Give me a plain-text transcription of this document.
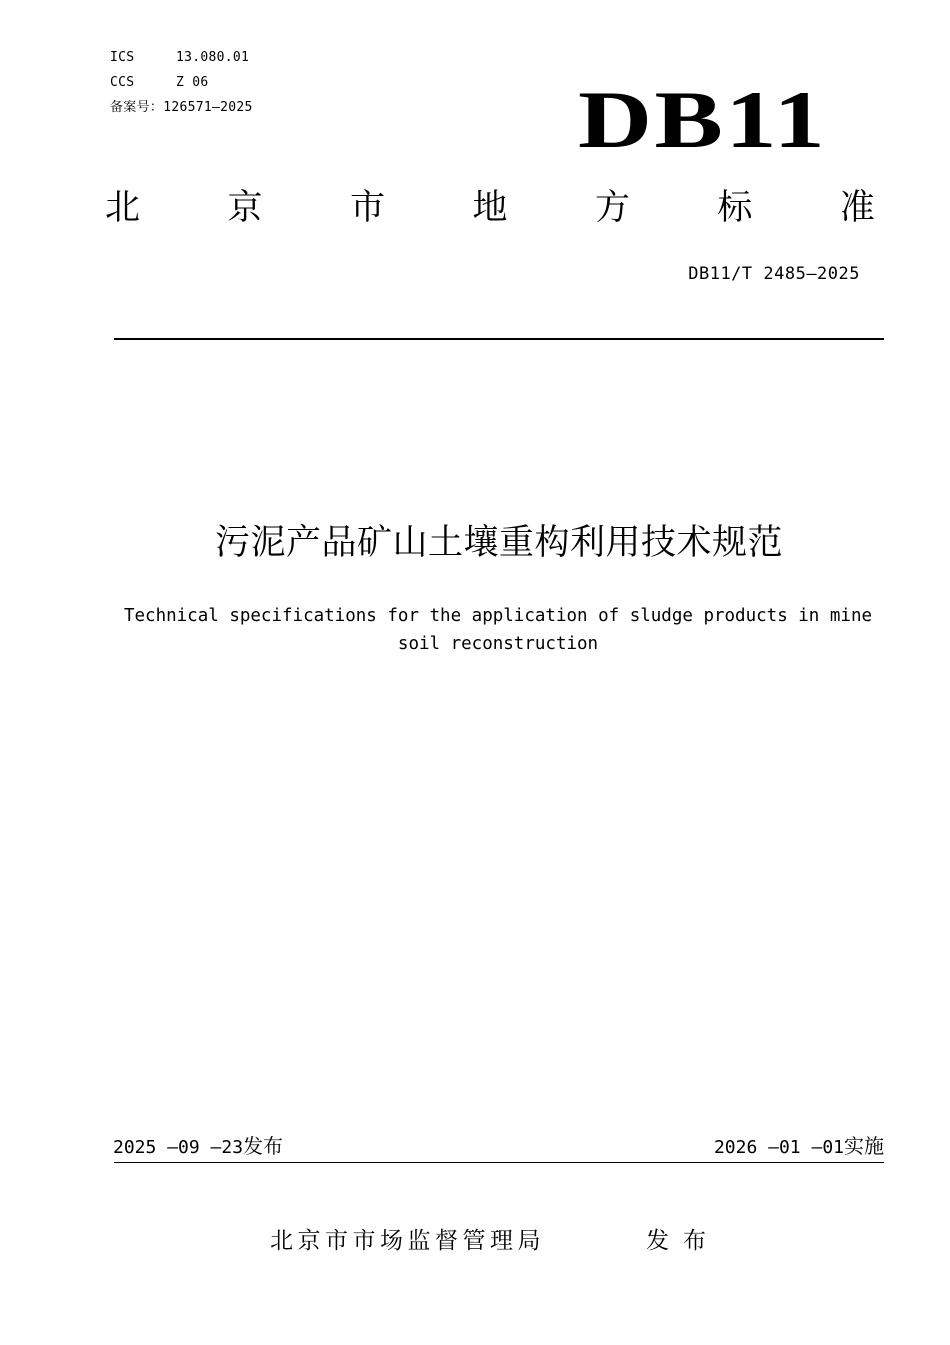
ICS	13.080.01
CCS	Z 06
备案号：126571—2025	DB11
北 京 市 地 方 标 准
DB11/T 2485—2025
污泥产品矿山土壤重构利用技术规范
Technical specifications for the application of sludge products in mine soil reconstruction
2025 —09 —23发布	2026 —01 —01实施
北京市市场监督管理局	发布
